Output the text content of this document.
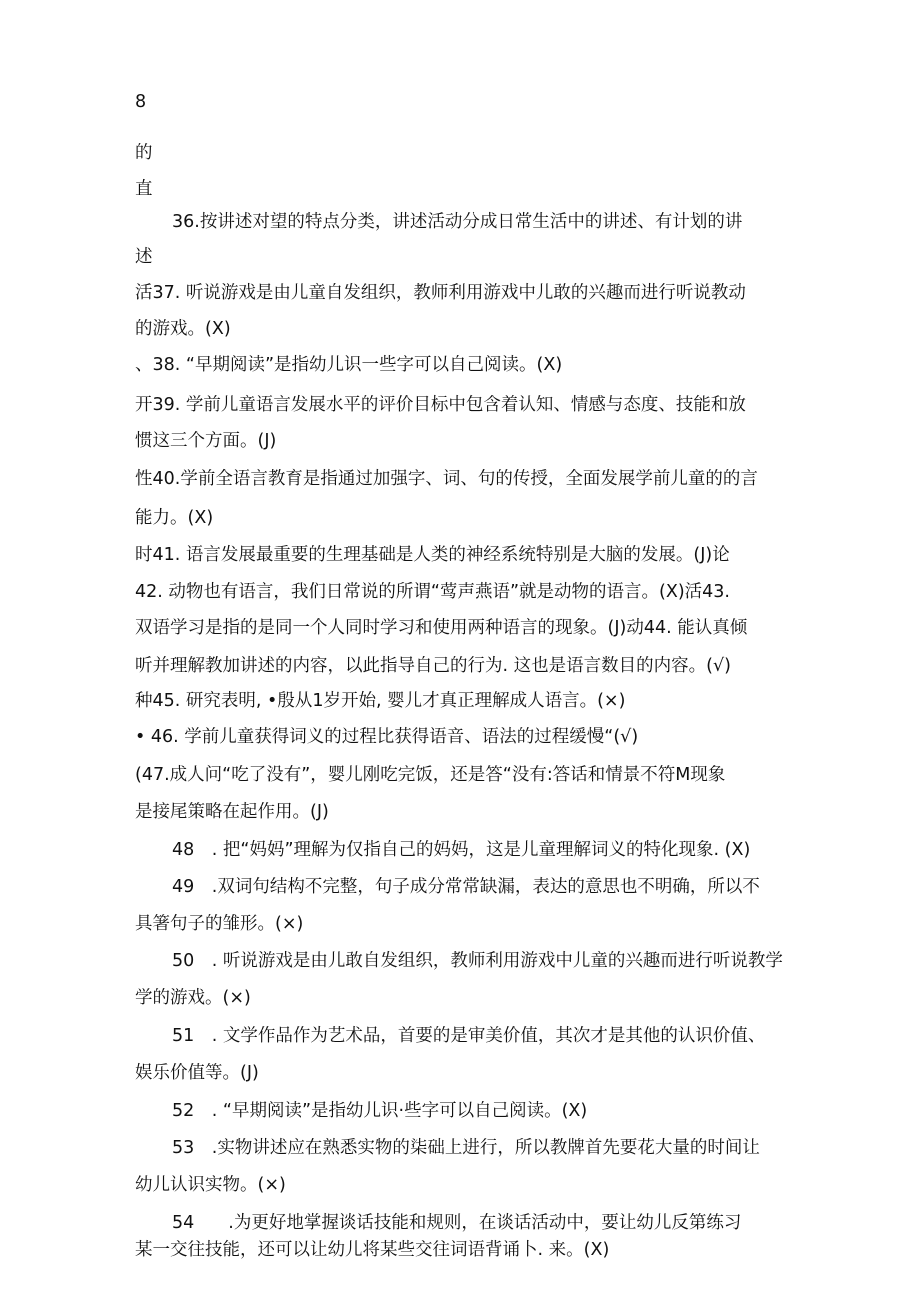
8
的
直
36.按讲述对望的特点分类，讲述活动分成日常生活中的讲述、有计划的讲
述
活37. 听说游戏是由儿童自发组织，教师利用游戏中儿敢的兴趣而进行听说教动
的游戏。(X)
、38. “早期阅读”是指幼儿识一些字可以自己阅读。(X)
开39. 学前儿童语言发展水平的评价目标中包含着认知、情感与态度、技能和放
惯这三个方面。(J)
性40.学前全语言教育是指通过加强字、词、句的传授，全面发展学前儿童的的言
能力。(X)
时41. 语言发展最重要的生理基础是人类的神经系统特别是大脑的发展。(J)论
42. 动物也有语言，我们日常说的所谓“莺声燕语”就是动物的语言。(X)活43.
双语学习是指的是同一个人同时学习和使用两种语言的现象。(J)动44. 能认真倾
听并理解教加讲述的内容，以此指导自己的行为. 这也是语言数目的内容。(√)
种45. 研究表明, •殷从1岁开始, 婴儿才真正理解成人语言。(×)
• 46. 学前儿童获得词义的过程比获得语音、语法的过程缓慢“(√)
(47.成人问“吃了没有”，婴儿刚吃完饭，还是答“没有:答话和情景不符M现象
是接尾策略在起作用。(J)
48　. 把“妈妈”理解为仅指自己的妈妈，这是儿童理解词义的特化现象. (X)
49　.双词句结构不完整，句子成分常常缺漏，表达的意思也不明确，所以不
具箸句子的雏形。(×)
50　. 听说游戏是由儿敢自发组织，教师利用游戏中儿童的兴趣而进行听说教学
学的游戏。(×)
51　. 文学作品作为艺术品，首要的是审美价值，其次才是其他的认识价值、
娱乐价值等。(J)
52　. “早期阅读”是指幼儿识·些字可以自己阅读。(X)
53　.实物讲述应在熟悉实物的柒础上进行，所以教牌首先要花大量的时间让
幼儿认识实物。(×)
54 .为更好地掌握谈话技能和规则，在谈话活动中，要让幼儿反第练习
某一交往技能，还可以让幼儿将某些交往词语背诵卜. 来。(X)
